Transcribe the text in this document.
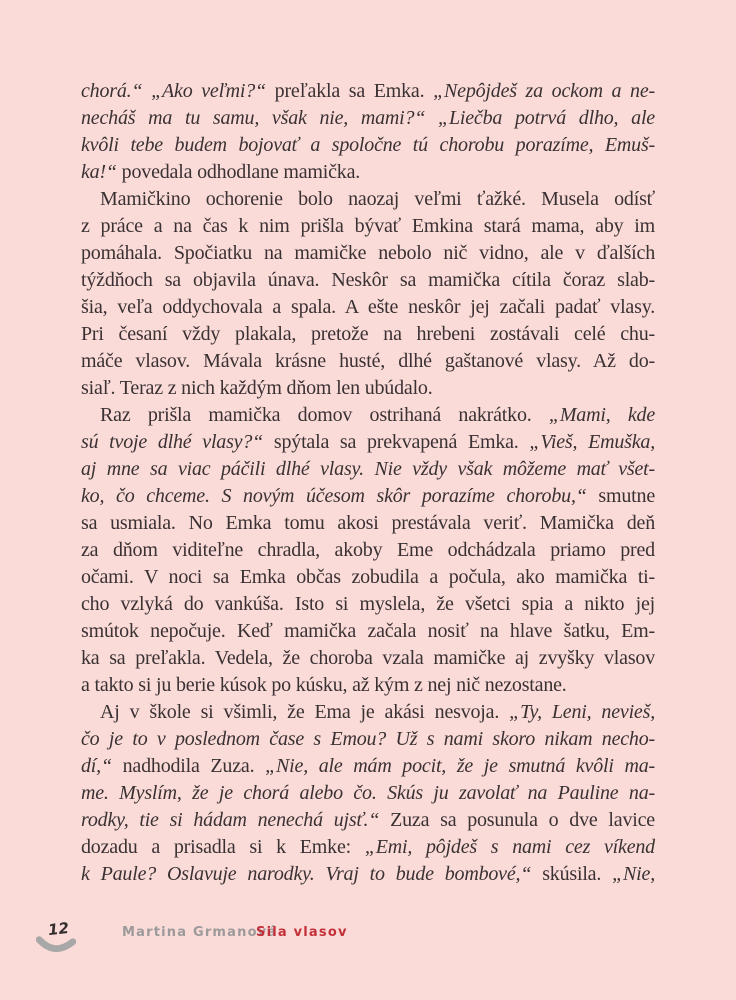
chorá.“ „Ako veľmi?“ preľakla sa Emka. „Nepôjdeš za ockom a ne-
necháš ma tu samu, však nie, mami?“ „Liečba potrvá dlho, ale
kvôli tebe budem bojovať a spoločne tú chorobu porazíme, Emuš-
ka!“ povedala odhodlane mamička.
Mamičkino ochorenie bolo naozaj veľmi ťažké. Musela odísť
z práce a na čas k nim prišla bývať Emkina stará mama, aby im
pomáhala. Spočiatku na mamičke nebolo nič vidno, ale v ďalších
týždňoch sa objavila únava. Neskôr sa mamička cítila čoraz slab-
šia, veľa oddychovala a spala. A ešte neskôr jej začali padať vlasy.
Pri česaní vždy plakala, pretože na hrebeni zostávali celé chu-
máče vlasov. Mávala krásne husté, dlhé gaštanové vlasy. Až do-
siaľ. Teraz z nich každým dňom len ubúdalo.
Raz prišla mamička domov ostrihaná nakrátko. „Mami, kde
sú tvoje dlhé vlasy?“ spýtala sa prekvapená Emka. „Vieš, Emuška,
aj mne sa viac páčili dlhé vlasy. Nie vždy však môžeme mať všet-
ko, čo chceme. S novým účesom skôr porazíme chorobu,“ smutne
sa usmiala. No Emka tomu akosi prestávala veriť. Mamička deň
za dňom viditeľne chradla, akoby Eme odchádzala priamo pred
očami. V noci sa Emka občas zobudila a počula, ako mamička ti-
cho vzlyká do vankúša. Isto si myslela, že všetci spia a nikto jej
smútok nepočuje. Keď mamička začala nosiť na hlave šatku, Em-
ka sa preľakla. Vedela, že choroba vzala mamičke aj zvyšky vlasov
a takto si ju berie kúsok po kúsku, až kým z nej nič nezostane.
Aj v škole si všimli, že Ema je akási nesvoja. „Ty, Leni, nevieš,
čo je to v poslednom čase s Emou? Už s nami skoro nikam necho-
dí,“ nadhodila Zuza. „Nie, ale mám pocit, že je smutná kvôli ma-
me. Myslím, že je chorá alebo čo. Skús ju zavolať na Pauline na-
rodky, tie si hádam nenechá ujsť.“ Zuza sa posunula o dve lavice
dozadu a prisadla si k Emke: „Emi, pôjdeš s nami cez víkend
k Paule? Oslavuje narodky. Vraj to bude bombové,“ skúsila. „Nie,
12	Martina Grmanová
Sila vlasov
